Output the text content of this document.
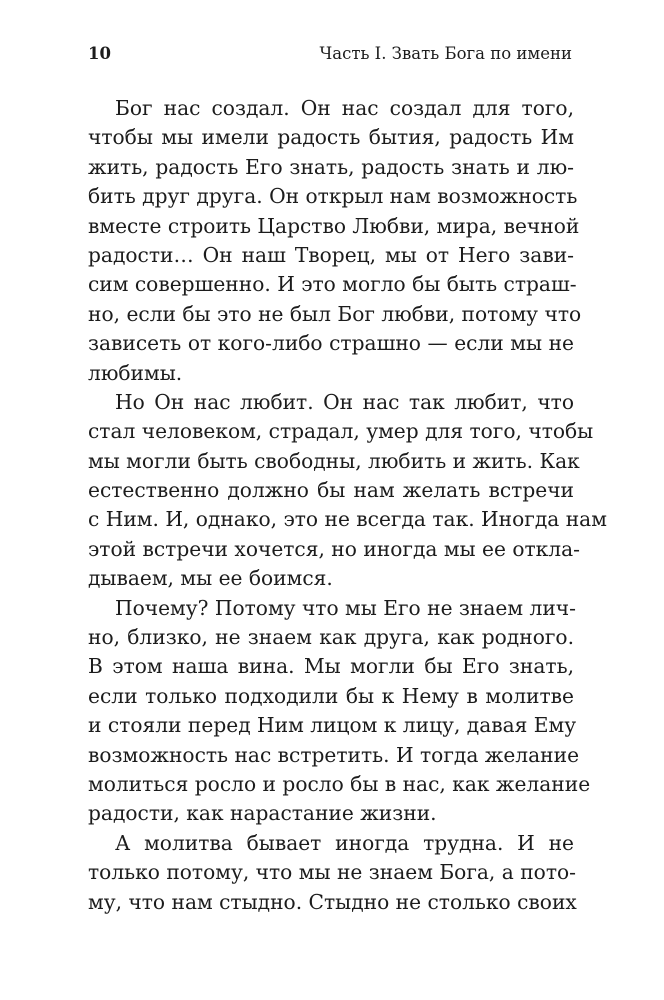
10	Часть I. Звать Бога по имени
Бог нас создал. Он нас создал для того,
чтобы мы имели радость бытия, радость Им
жить, радость Его знать, радость знать и лю-
бить друг друга. Он открыл нам возможность
вместе строить Царство Любви, мира, вечной
радости… Он наш Творец, мы от Него зави-
сим совершенно. И это могло бы быть страш-
но, если бы это не был Бог любви, потому что
зависеть от кого-либо страшно — если мы не
любимы.
Но Он нас любит. Он нас так любит, что
стал человеком, страдал, умер для того, чтобы
мы могли быть свободны, любить и жить. Как
естественно должно бы нам желать встречи
с Ним. И, однако, это не всегда так. Иногда нам
этой встречи хочется, но иногда мы ее откла-
дываем, мы ее боимся.
Почему? Потому что мы Его не знаем лич-
но, близко, не знаем как друга, как родного.
В этом наша вина. Мы могли бы Его знать,
если только подходили бы к Нему в молитве
и стояли перед Ним лицом к лицу, давая Ему
возможность нас встретить. И тогда желание
молиться росло и росло бы в нас, как желание
радости, как нарастание жизни.
А молитва бывает иногда трудна. И не
только потому, что мы не знаем Бога, а пото-
му, что нам стыдно. Стыдно не столько своих
